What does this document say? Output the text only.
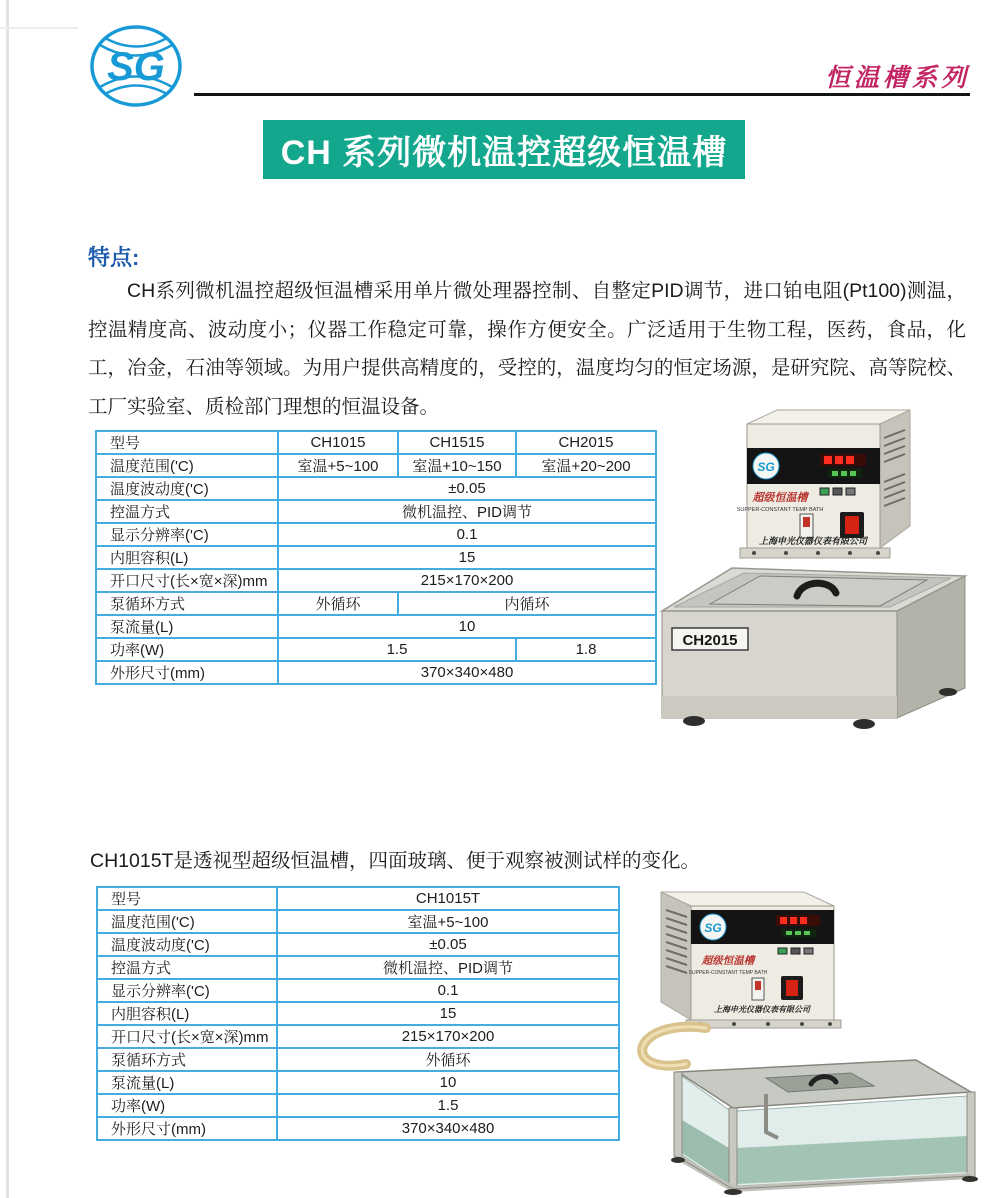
SG	恒温槽系列
CH 系列微机温控超级恒温槽
特点:
CH系列微机温控超级恒温槽采用单片微处理器控制、自整定PID调节，进口铂电阻(Pt100)测温，控温精度高、波动度小；仪器工作稳定可靠，操作方便安全。广泛适用于生物工程，医药，食品，化工，冶金，石油等领域。为用户提供高精度的，受控的，温度均匀的恒定场源，是研究院、高等院校、工厂实验室、质检部门理想的恒温设备。
型号	CH1015	CH1515	CH2015
温度范围('C)	室温+5~100	室温+10~150	室温+20~200
温度波动度('C)	±0.05		
控温方式	微机温控、PID调节		
显示分辨率('C)	0.1		
内胆容积(L)	15		
开口尺寸(长×宽×深)mm	215×170×200		
泵循环方式	外循环	内循环	
泵流量(L)	10		
功率(W)	1.5		1.8
外形尺寸(mm)	370×340×480		
CH2015
SG
超级恒温槽
SUPPER-CONSTANT TEMP BATH
上海申光仪器仪表有限公司
CH1015T是透视型超级恒温槽，四面玻璃、便于观察被测试样的变化。
型号	CH1015T
温度范围('C)	室温+5~100
温度波动度('C)	±0.05
控温方式	微机温控、PID调节
显示分辨率('C)	0.1
内胆容积(L)	15
开口尺寸(长×宽×深)mm	215×170×200
泵循环方式	外循环
泵流量(L)	10
功率(W)	1.5
外形尺寸(mm)	370×340×480
SG
超级恒温槽
SUPPER-CONSTANT TEMP BATH
上海申光仪器仪表有限公司
